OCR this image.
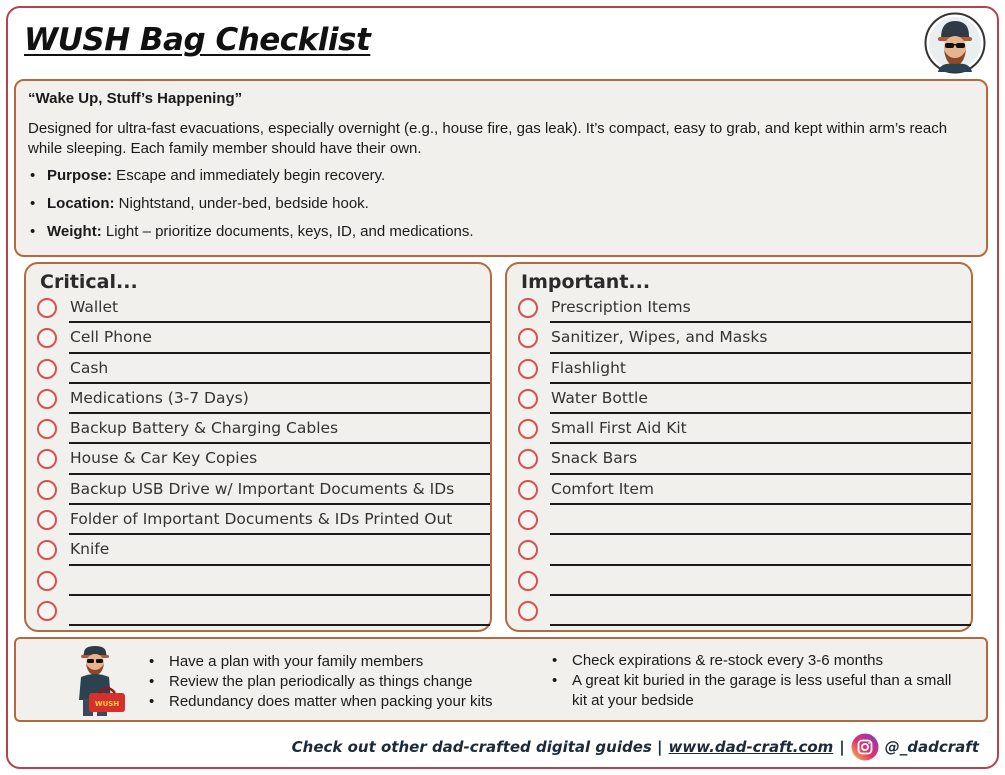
WUSH Bag Checklist

“Wake Up, Stuff’s Happening”

Designed for ultra-fast evacuations, especially overnight (e.g., house fire, gas leak). It’s compact, easy to grab, and kept within arm’s reach while sleeping. Each family member should have their own.

• Purpose: Escape and immediately begin recovery.
• Location: Nightstand, under-bed, bedside hook.
• Weight: Light – prioritize documents, keys, ID, and medications.
Critical...
Wallet
Cell Phone
Cash
Medications (3-7 Days)
Backup Battery & Charging Cables
House & Car Key Copies
Backup USB Drive w/ Important Documents & IDs
Folder of Important Documents & IDs Printed Out
Knife
Important...
Prescription Items
Sanitizer, Wipes, and Masks
Flashlight
Water Bottle
Small First Aid Kit
Snack Bars
Comfort Item
WUSH
• Have a plan with your family members
• Review the plan periodically as things change
• Redundancy does matter when packing your kits
• Check expirations & re-stock every 3-6 months
• A great kit buried in the garage is less useful than a small kit at your bedside
Check out other dad-crafted digital guides | www.dad-craft.com |	@_dadcraft
